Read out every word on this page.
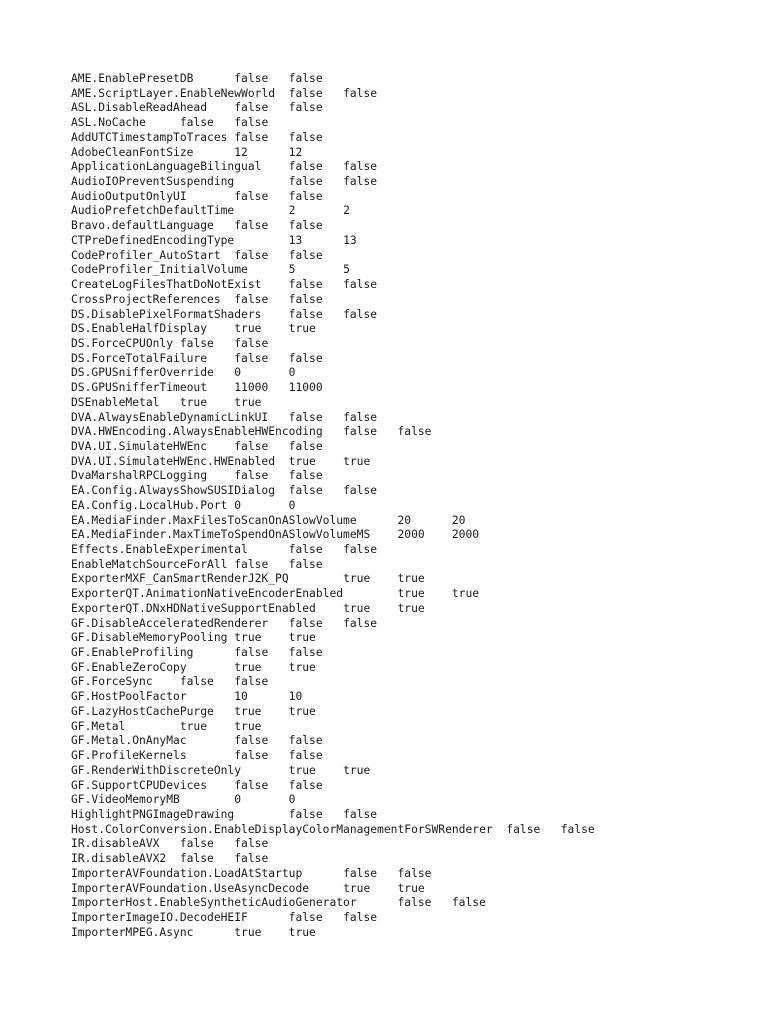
AME.EnablePresetDB	false	false
AME.ScriptLayer.EnableNewWorld	false	false
ASL.DisableReadAhead	false	false
ASL.NoCache	false	false
AddUTCTimestampToTraces	false	false
AdobeCleanFontSize	12	12
ApplicationLanguageBilingual	false	false
AudioIOPreventSuspending	false	false
AudioOutputOnlyUI	false	false
AudioPrefetchDefaultTime	2	2
Bravo.defaultLanguage	false	false
CTPreDefinedEncodingType	13	13
CodeProfiler_AutoStart	false	false
CodeProfiler_InitialVolume	5	5
CreateLogFilesThatDoNotExist	false	false
CrossProjectReferences	false	false
DS.DisablePixelFormatShaders	false	false
DS.EnableHalfDisplay	true	true
DS.ForceCPUOnly	false	false
DS.ForceTotalFailure	false	false
DS.GPUSnifferOverride	0	0
DS.GPUSnifferTimeout	11000	11000
DSEnableMetal	true	true
DVA.AlwaysEnableDynamicLinkUI	false	false
DVA.HWEncoding.AlwaysEnableHWEncoding	false	false
DVA.UI.SimulateHWEnc	false	false
DVA.UI.SimulateHWEnc.HWEnabled	true	true
DvaMarshalRPCLogging	false	false
EA.Config.AlwaysShowSUSIDialog	false	false
EA.Config.LocalHub.Port	0	0
EA.MediaFinder.MaxFilesToScanOnASlowVolume	20	20
EA.MediaFinder.MaxTimeToSpendOnASlowVolumeMS	2000	2000
Effects.EnableExperimental	false	false
EnableMatchSourceForAll	false	false
ExporterMXF_CanSmartRenderJ2K_PQ	true	true
ExporterQT.AnimationNativeEncoderEnabled	true	true
ExporterQT.DNxHDNativeSupportEnabled	true	true
GF.DisableAcceleratedRenderer	false	false
GF.DisableMemoryPooling	true	true
GF.EnableProfiling	false	false
GF.EnableZeroCopy	true	true
GF.ForceSync	false	false
GF.HostPoolFactor	10	10
GF.LazyHostCachePurge	true	true
GF.Metal	true	true
GF.Metal.OnAnyMac	false	false
GF.ProfileKernels	false	false
GF.RenderWithDiscreteOnly	true	true
GF.SupportCPUDevices	false	false
GF.VideoMemoryMB	0	0
HighlightPNGImageDrawing	false	false
Host.ColorConversion.EnableDisplayColorManagementForSWRenderer	false	false
IR.disableAVX	false	false
IR.disableAVX2	false	false
ImporterAVFoundation.LoadAtStartup	false	false
ImporterAVFoundation.UseAsyncDecode	true	true
ImporterHost.EnableSyntheticAudioGenerator	false	false
ImporterImageIO.DecodeHEIF	false	false
ImporterMPEG.Async	true	true
